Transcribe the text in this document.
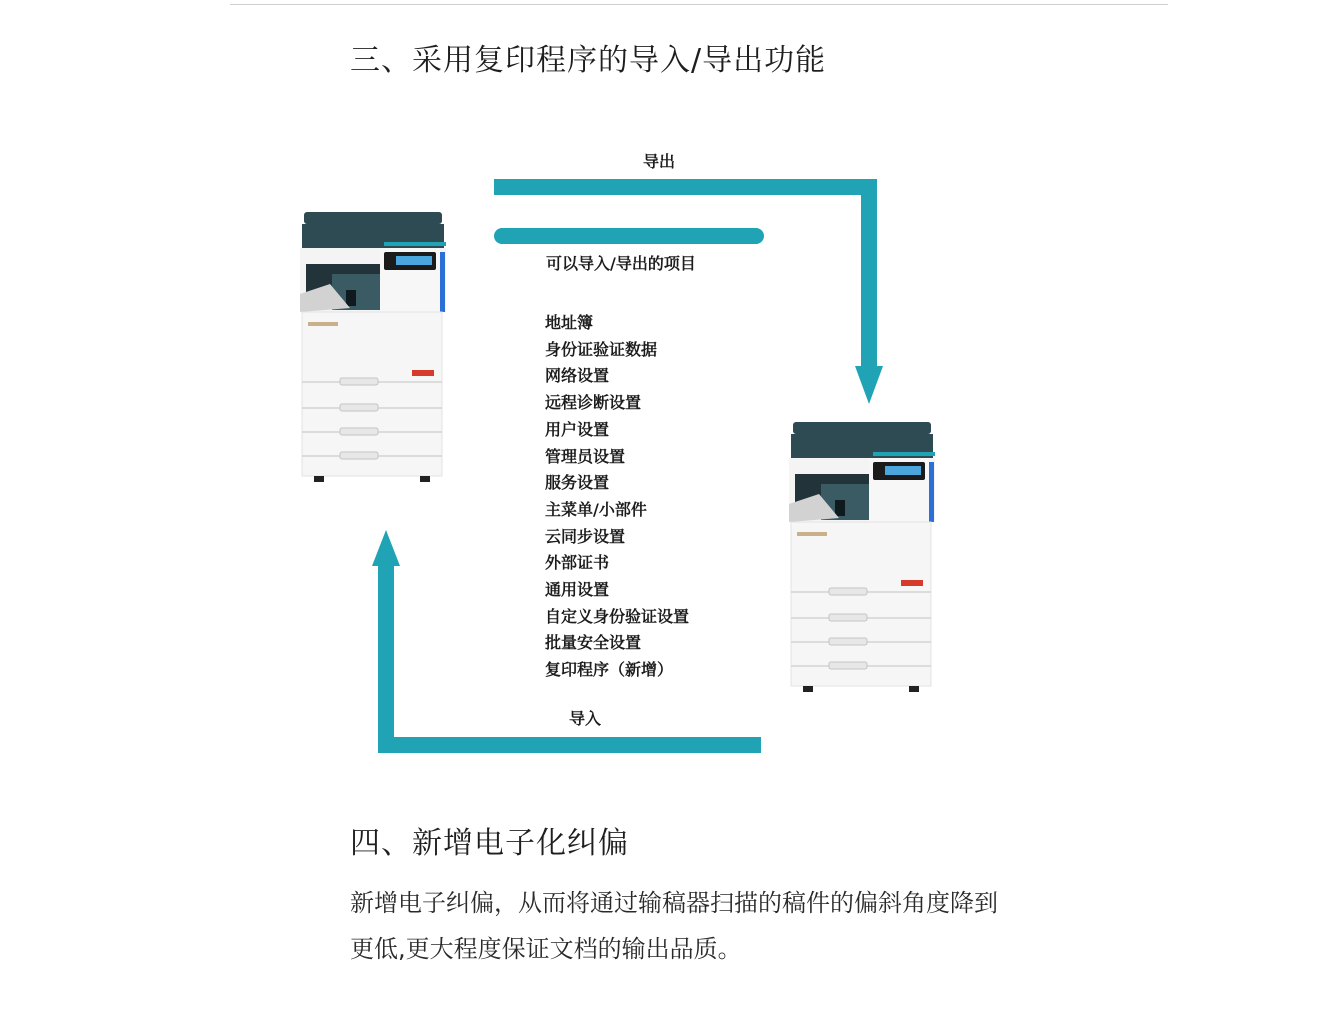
三、采用复印程序的导入/导出功能
导出
可以导入/导出的项目
地址簿
身份证验证数据
网络设置
远程诊断设置
用户设置
管理员设置
服务设置
主菜单/小部件
云同步设置
外部证书
通用设置
自定义身份验证设置
批量安全设置
复印程序（新增）
导入
四、新增电子化纠偏

新增电子纠偏，从而将通过输稿器扫描的稿件的偏斜角度降到
更低,更大程度保证文档的输出品质。
